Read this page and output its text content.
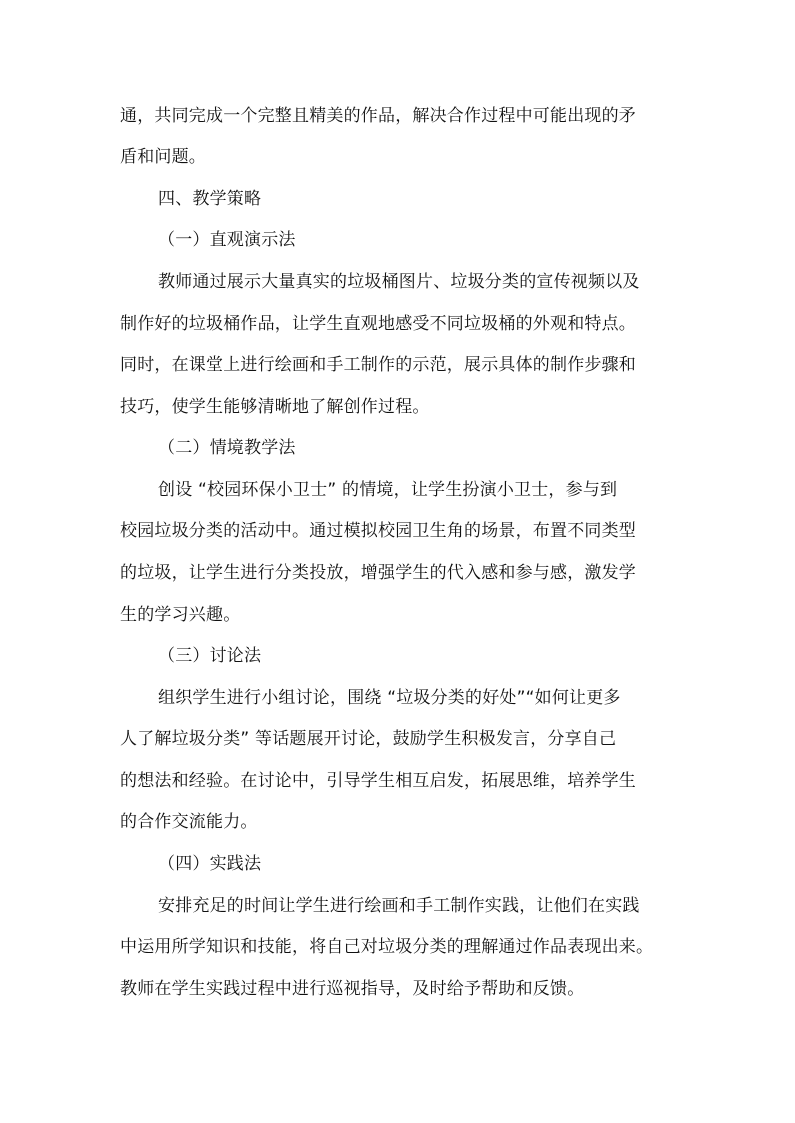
通，共同完成一个完整且精美的作品，解决合作过程中可能出现的矛
盾和问题。
四、教学策略
（一）直观演示法
教师通过展示大量真实的垃圾桶图片、垃圾分类的宣传视频以及
制作好的垃圾桶作品，让学生直观地感受不同垃圾桶的外观和特点。
同时，在课堂上进行绘画和手工制作的示范，展示具体的制作步骤和
技巧，使学生能够清晰地了解创作过程。
（二）情境教学法
创设 “校园环保小卫士” 的情境，让学生扮演小卫士，参与到
校园垃圾分类的活动中。通过模拟校园卫生角的场景，布置不同类型
的垃圾，让学生进行分类投放，增强学生的代入感和参与感，激发学
生的学习兴趣。
（三）讨论法
组织学生进行小组讨论，围绕 “垃圾分类的好处”“如何让更多
人了解垃圾分类” 等话题展开讨论，鼓励学生积极发言，分享自己
的想法和经验。在讨论中，引导学生相互启发，拓展思维，培养学生
的合作交流能力。
（四）实践法
安排充足的时间让学生进行绘画和手工制作实践，让他们在实践
中运用所学知识和技能，将自己对垃圾分类的理解通过作品表现出来。
教师在学生实践过程中进行巡视指导，及时给予帮助和反馈。
